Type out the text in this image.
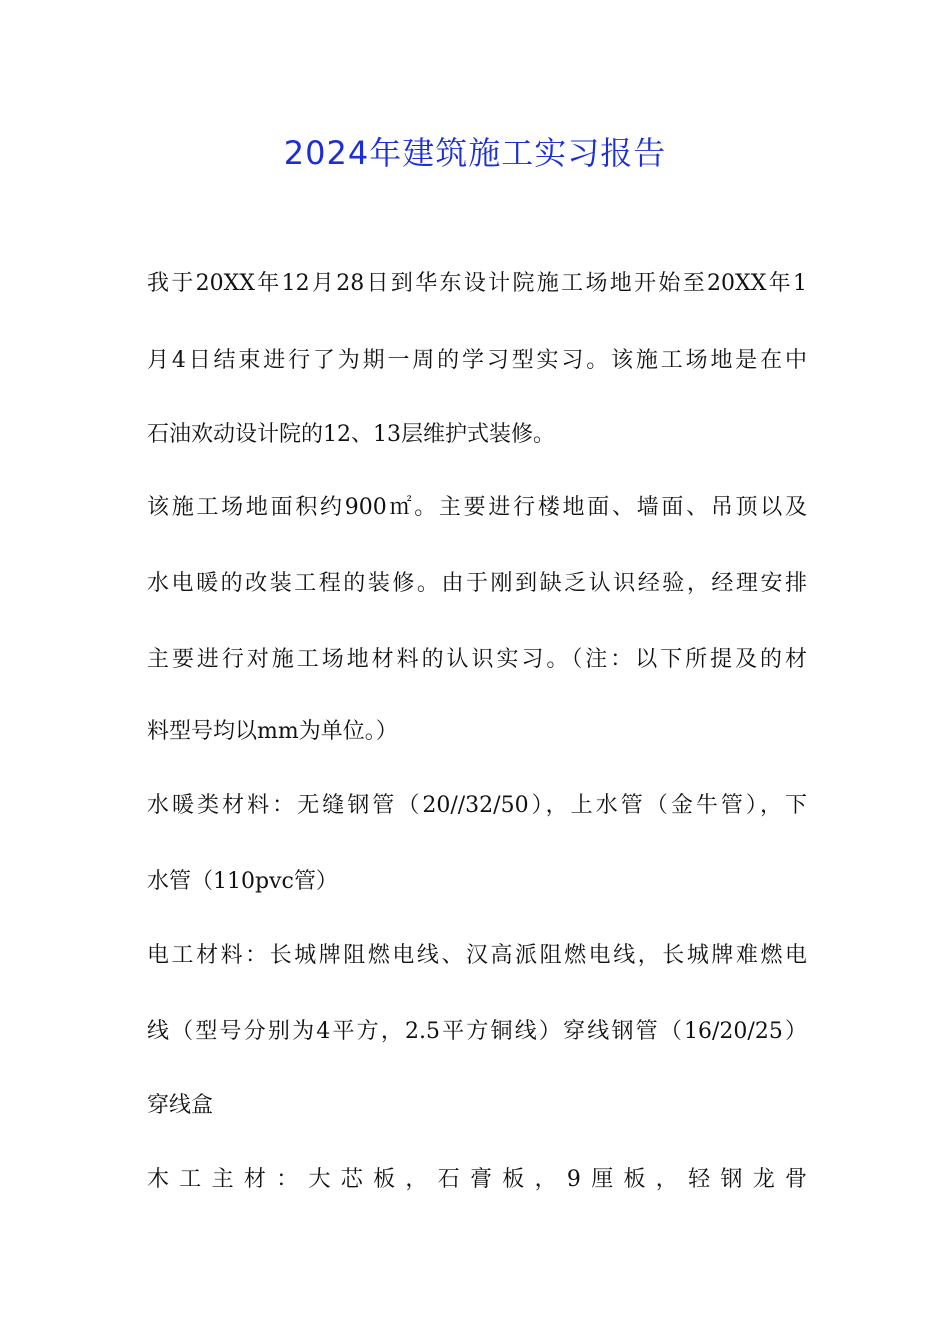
2024年建筑施工实习报告

我于20XX年12月28日到华东设计院施工场地开始至20XX年1

月4日结束进行了为期一周的学习型实习。该施工场地是在中

石油欢动设计院的12、13层维护式装修。

该施工场地面积约900㎡。主要进行楼地面、墙面、吊顶以及

水电暖的改装工程的装修。由于刚到缺乏认识经验，经理安排

主要进行对施工场地材料的认识实习。（注：以下所提及的材

料型号均以mm为单位。）

水暖类材料：无缝钢管（20//32/50），上水管（金牛管），下

水管（110pvc管）

电工材料：长城牌阻燃电线、汉高派阻燃电线，长城牌难燃电

线（型号分别为4平方，2.5平方铜线）穿线钢管（16/20/25）

穿线盒

木工主材：大芯板，石膏板，9厘板，轻钢龙骨
